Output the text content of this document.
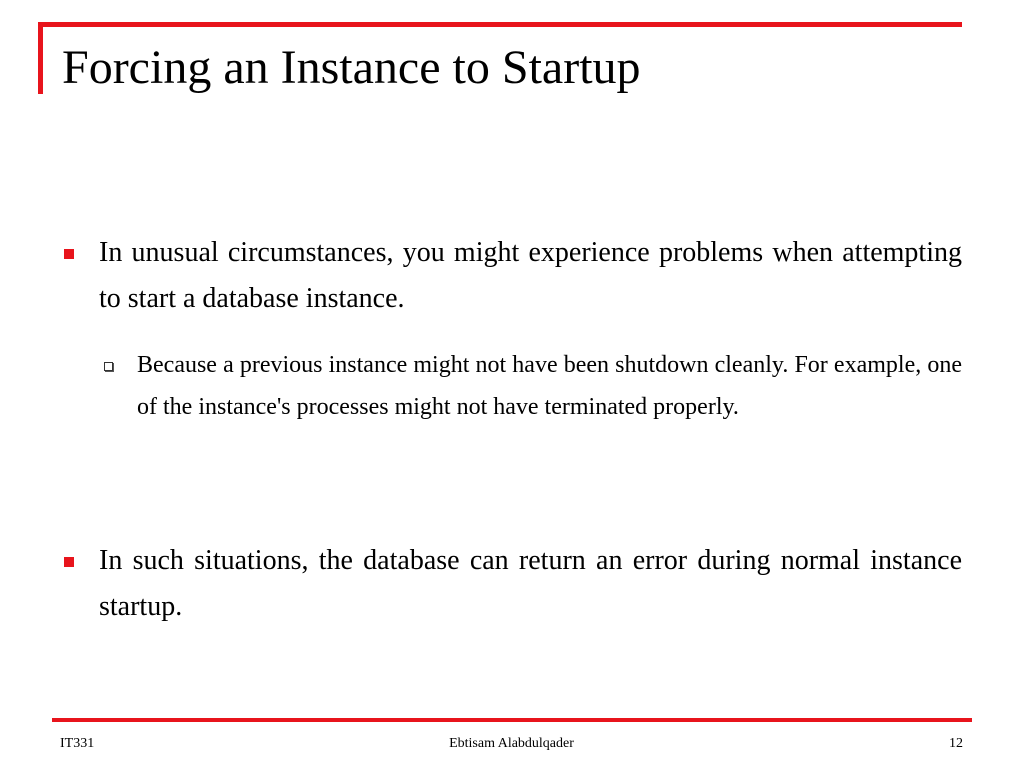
Forcing an Instance to Startup
In unusual circumstances, you might experience problems when attempting to start a database instance.
Because a previous instance might not have been shutdown cleanly. For example, one of the instance's processes might not have terminated properly.
In such situations, the database can return an error during normal instance startup.
IT331	Ebtisam Alabdulqader	12
